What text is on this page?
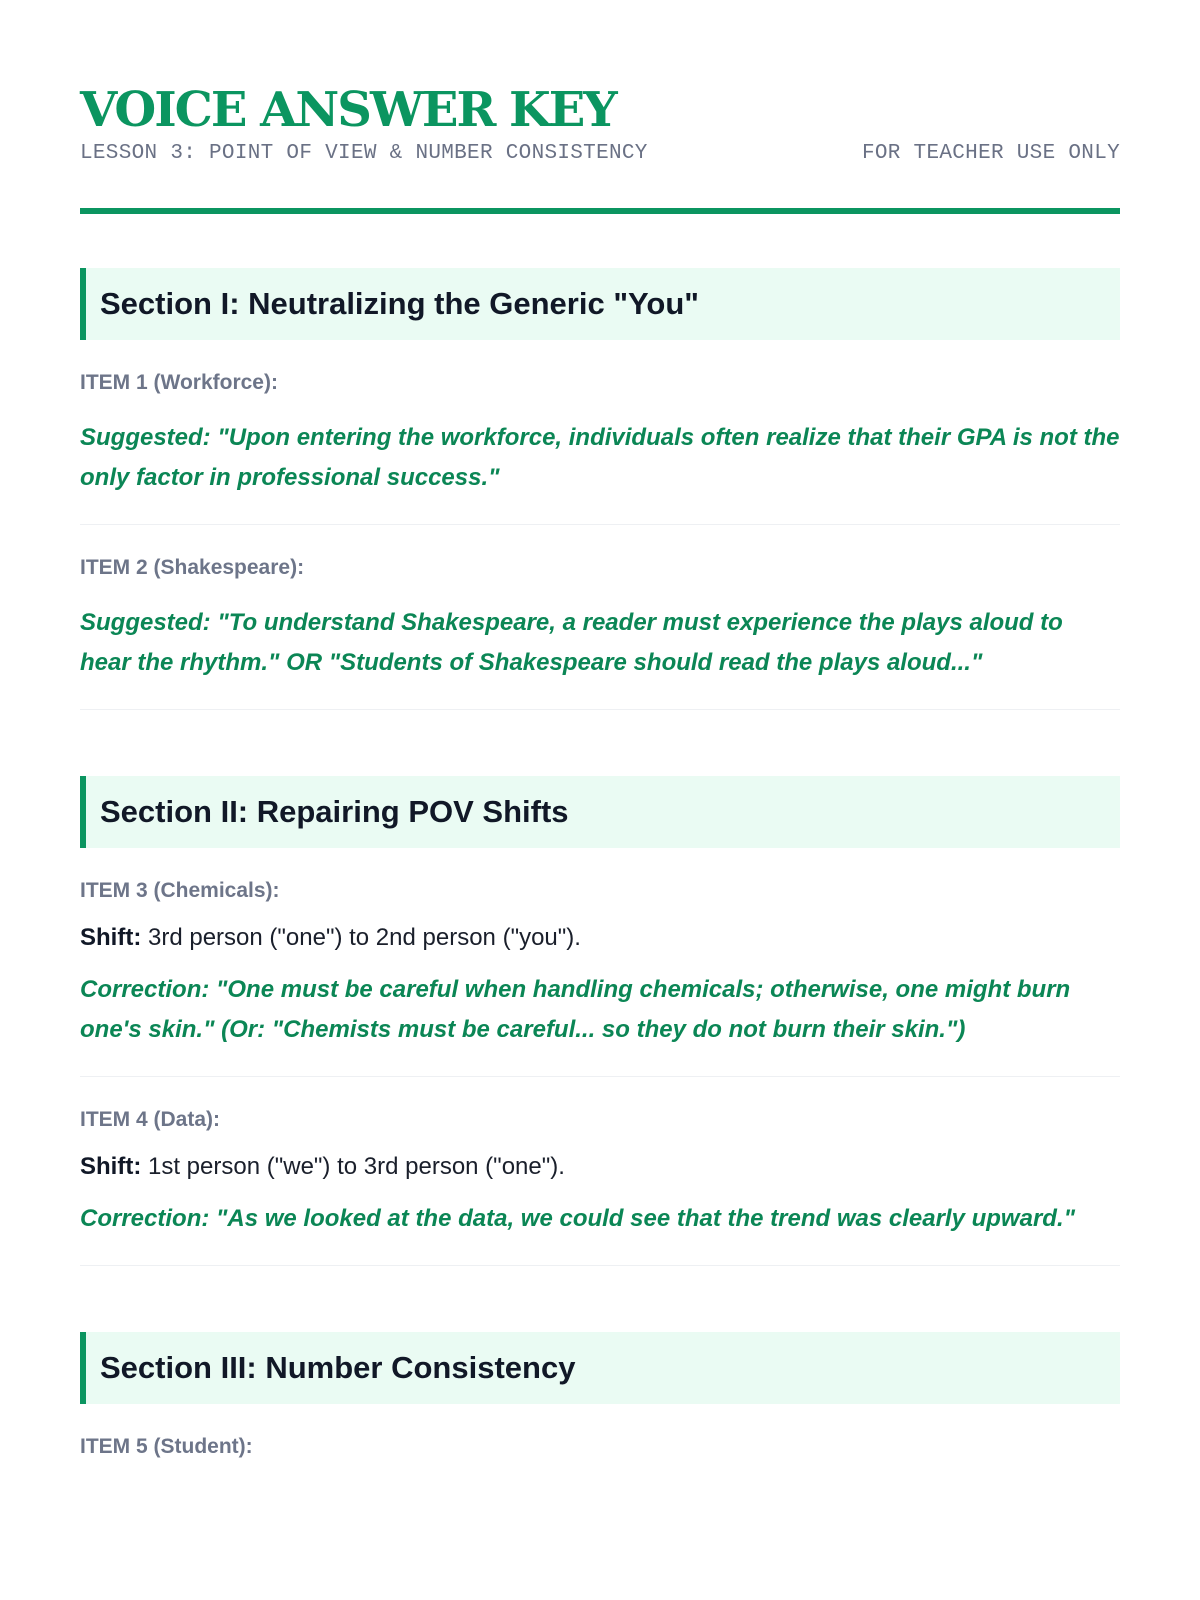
VOICE ANSWER KEY
LESSON 3: POINT OF VIEW & NUMBER CONSISTENCY	FOR TEACHER USE ONLY
Section I: Neutralizing the Generic "You"
ITEM 1 (Workforce):
Suggested: "Upon entering the workforce, individuals often realize that their GPA is not the only factor in professional success."
ITEM 2 (Shakespeare):
Suggested: "To understand Shakespeare, a reader must experience the plays aloud to hear the rhythm." OR "Students of Shakespeare should read the plays aloud..."
Section II: Repairing POV Shifts
ITEM 3 (Chemicals):
Shift: 3rd person ("one") to 2nd person ("you").
Correction: "One must be careful when handling chemicals; otherwise, one might burn one's skin." (Or: "Chemists must be careful... so they do not burn their skin.")
ITEM 4 (Data):
Shift: 1st person ("we") to 3rd person ("one").
Correction: "As we looked at the data, we could see that the trend was clearly upward."
Section III: Number Consistency
ITEM 5 (Student):
